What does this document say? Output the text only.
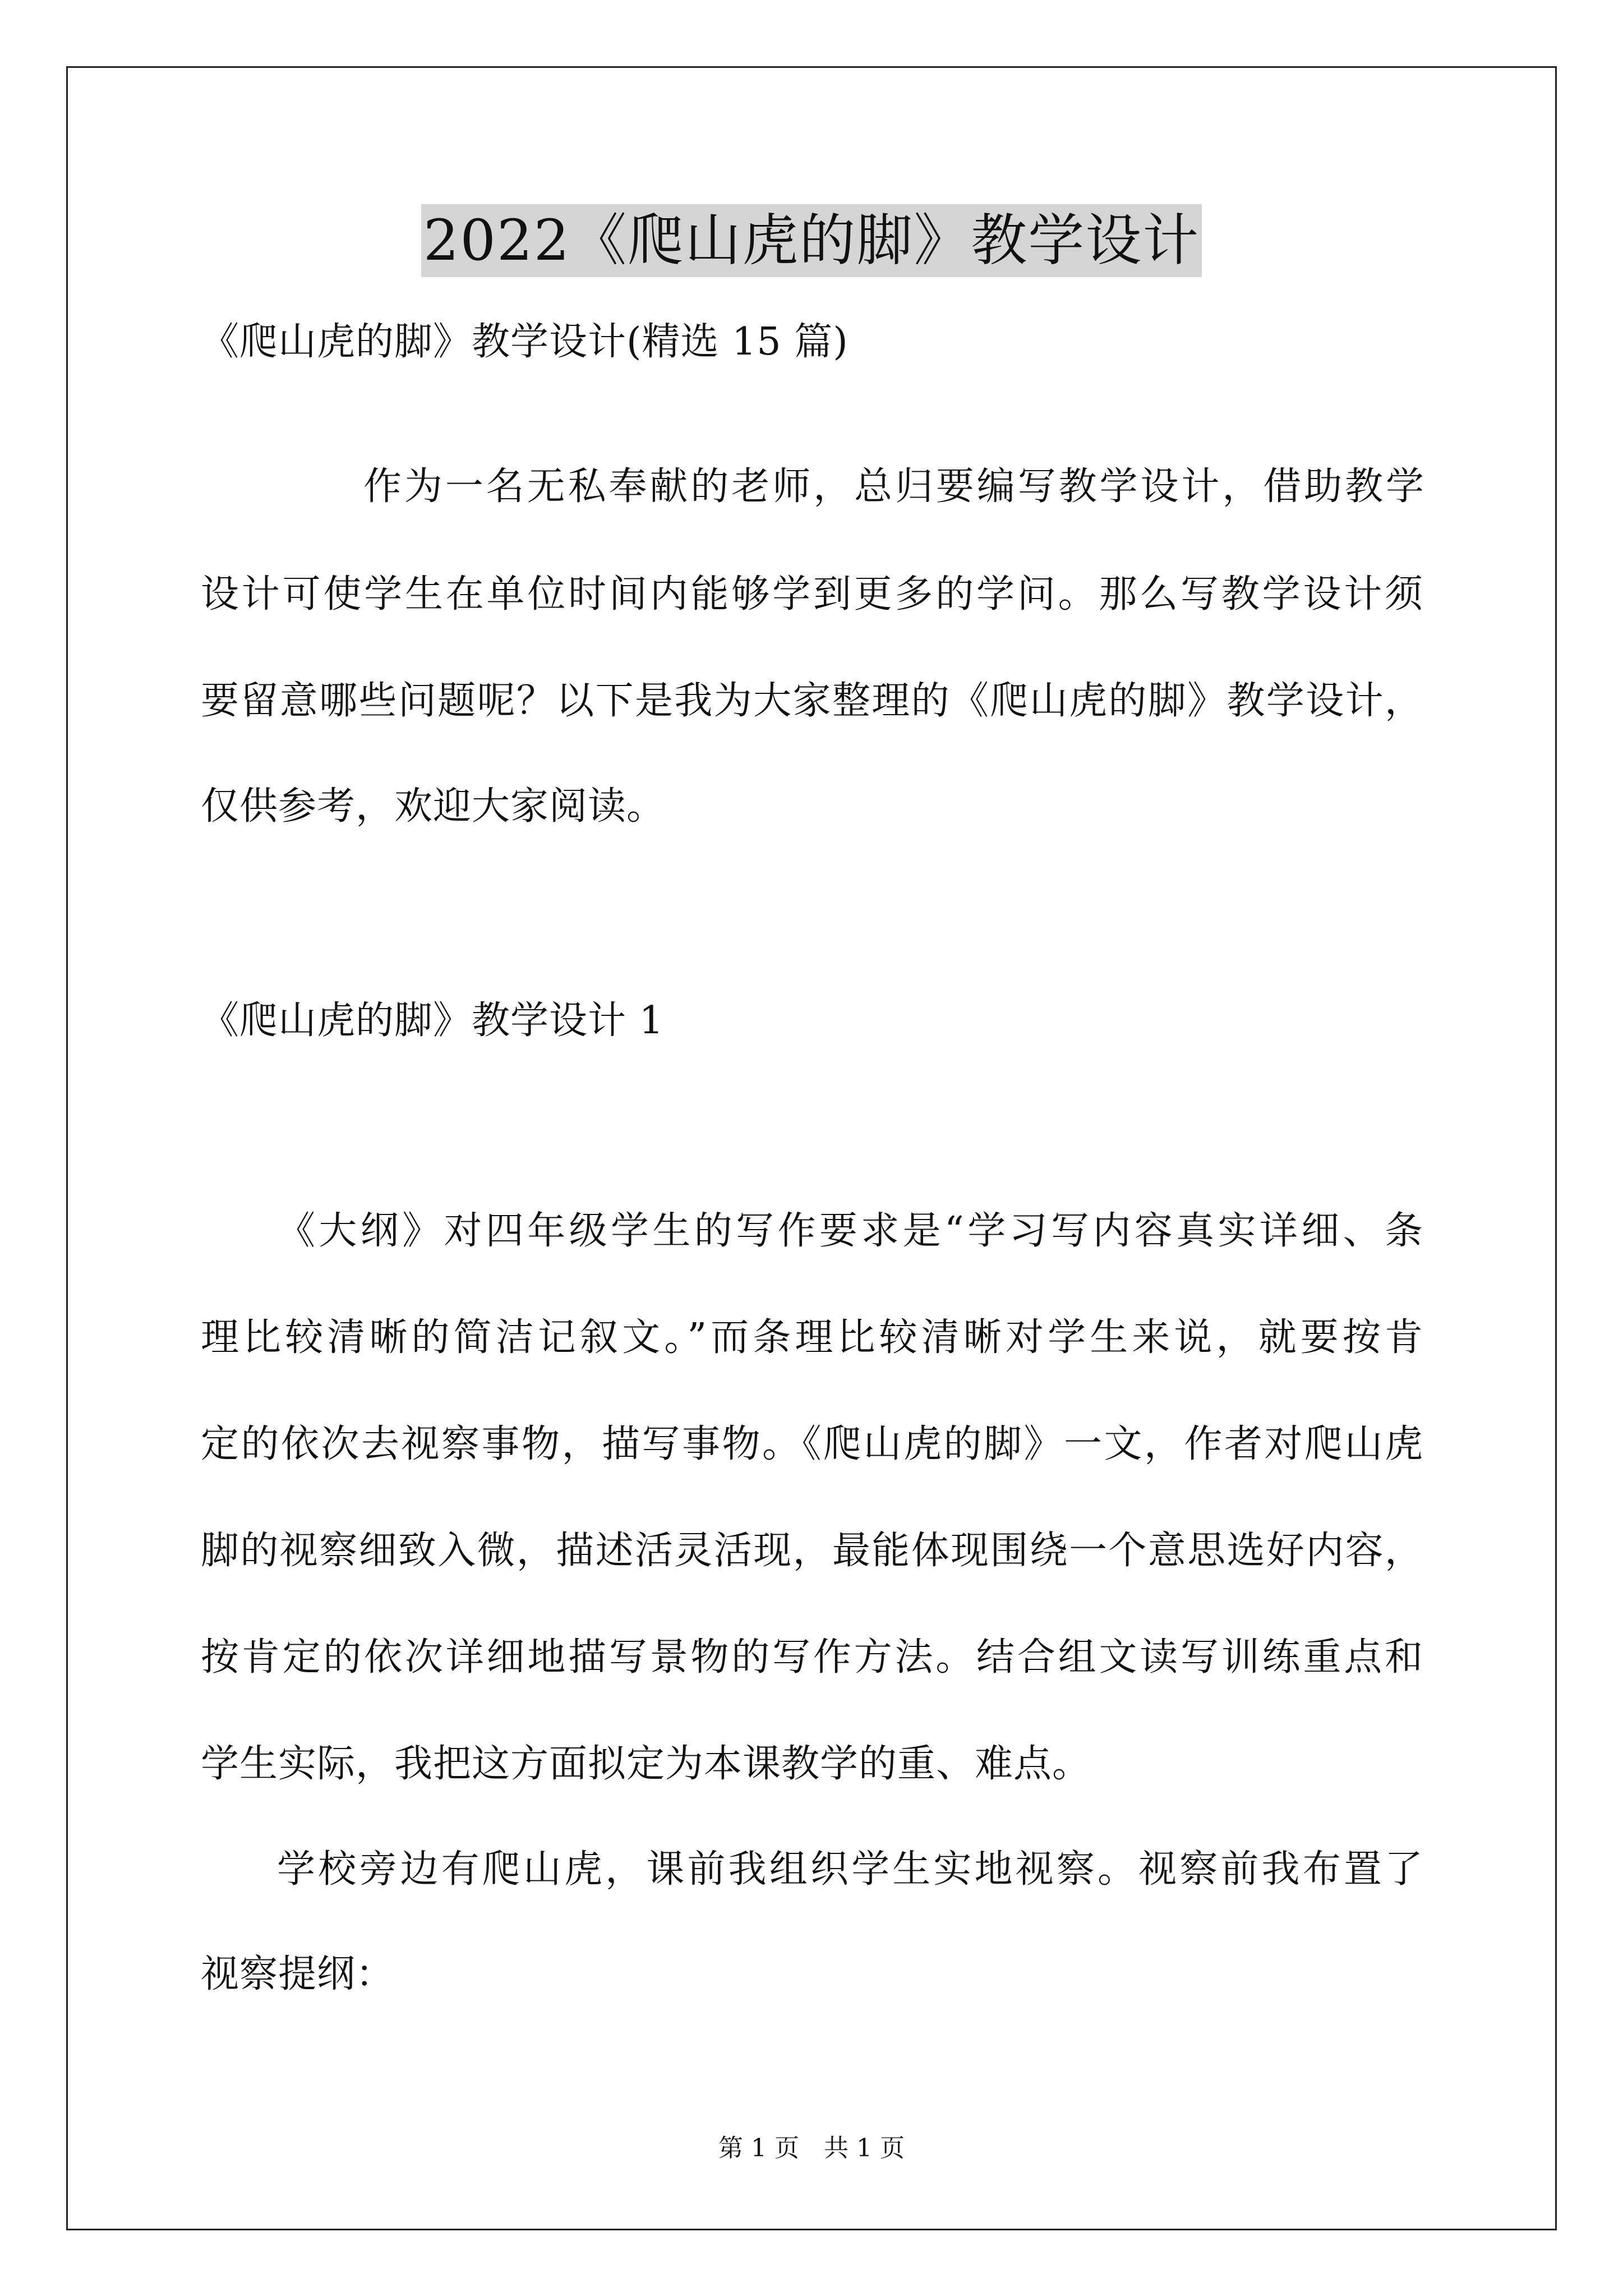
2022《爬山虎的脚》教学设计
《爬山虎的脚》教学设计(精选 15 篇)
作为一名无私奉献的老师，总归要编写教学设计，借助教学
设计可使学生在单位时间内能够学到更多的学问。那么写教学设计须
要留意哪些问题呢？以下是我为大家整理的《爬山虎的脚》教学设计，
仅供参考，欢迎大家阅读。
《爬山虎的脚》教学设计 1
《大纲》对四年级学生的写作要求是“学习写内容真实详细、条
理比较清晰的简洁记叙文。”而条理比较清晰对学生来说，就要按肯
定的依次去视察事物，描写事物。《爬山虎的脚》一文，作者对爬山虎
脚的视察细致入微，描述活灵活现，最能体现围绕一个意思选好内容，
按肯定的依次详细地描写景物的写作方法。结合组文读写训练重点和
学生实际，我把这方面拟定为本课教学的重、难点。
学校旁边有爬山虎，课前我组织学生实地视察。视察前我布置了
视察提纲：
第 1 页　共 1 页
